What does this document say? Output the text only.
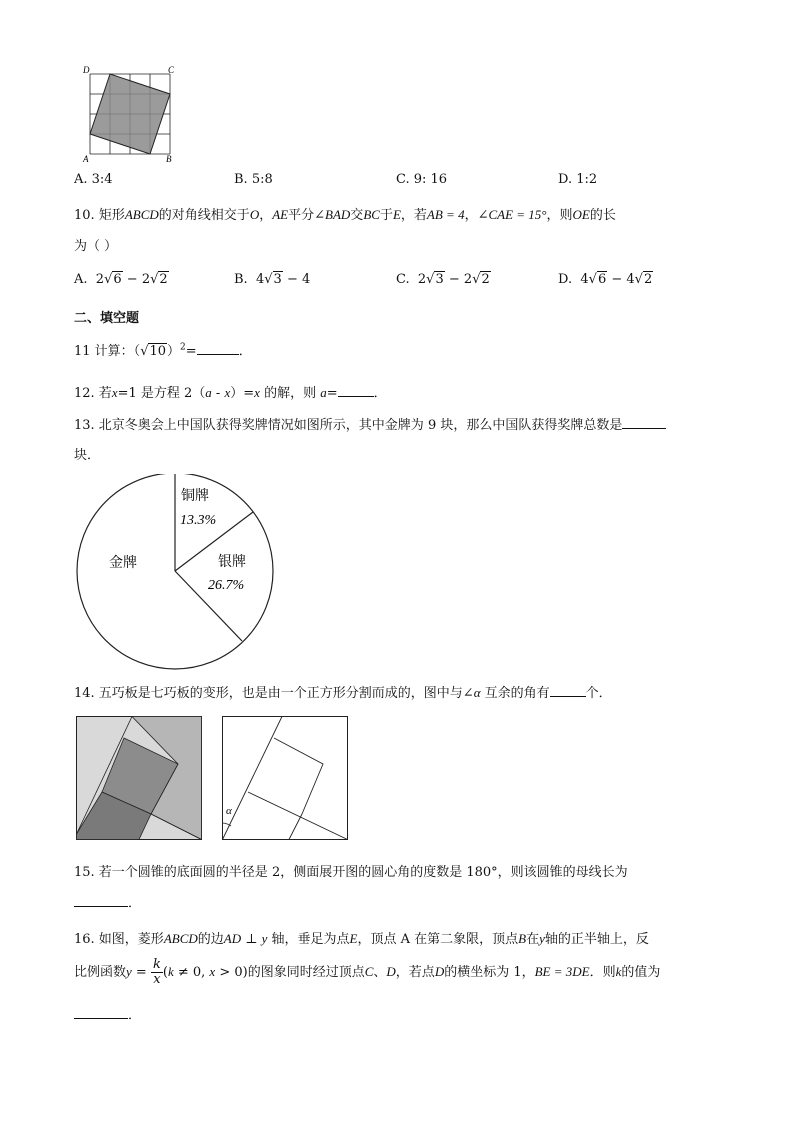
D	C
A	B
A. 3:4	B. 5:8	C. 9: 16	D. 1:2
10. 矩形ABCD的对角线相交于O，AE平分∠BAD交BC于E，若AB = 4，∠CAE = 15°，则OE的长
为（ ）
A. 2√6 − 2√2	B. 4√3 − 4	C. 2√3 − 2√2	D. 4√6 − 4√2
二、填空题
11 计算：$(√10)^2=$	．
12. 若x=1 是方程 2（a - x）=x 的解，则 a=	．
13. 北京冬奥会上中国队获得奖牌情况如图所示，其中金牌为 9 块，那么中国队获得奖牌总数是
块．
铜牌
13.3%
银牌
26.7%
金牌
14. 五巧板是七巧板的变形，也是由一个正方形分割而成的，图中与∠α 互余的角有	个．
α
15. 若一个圆锥的底面圆的半径是 2，侧面展开图的圆心角的度数是 180°，则该圆锥的母线长为
．
16. 如图，菱形ABCD的边AD ⊥ y 轴，垂足为点E，顶点 A 在第二象限，顶点B在y轴的正半轴上，反
比例函数$y = \frac{k}{x} (k \ne 0$, x > 0)的图象同时经过顶点C、D，若点D的横坐标为 1，BE = 3DE．则k的值为
．
